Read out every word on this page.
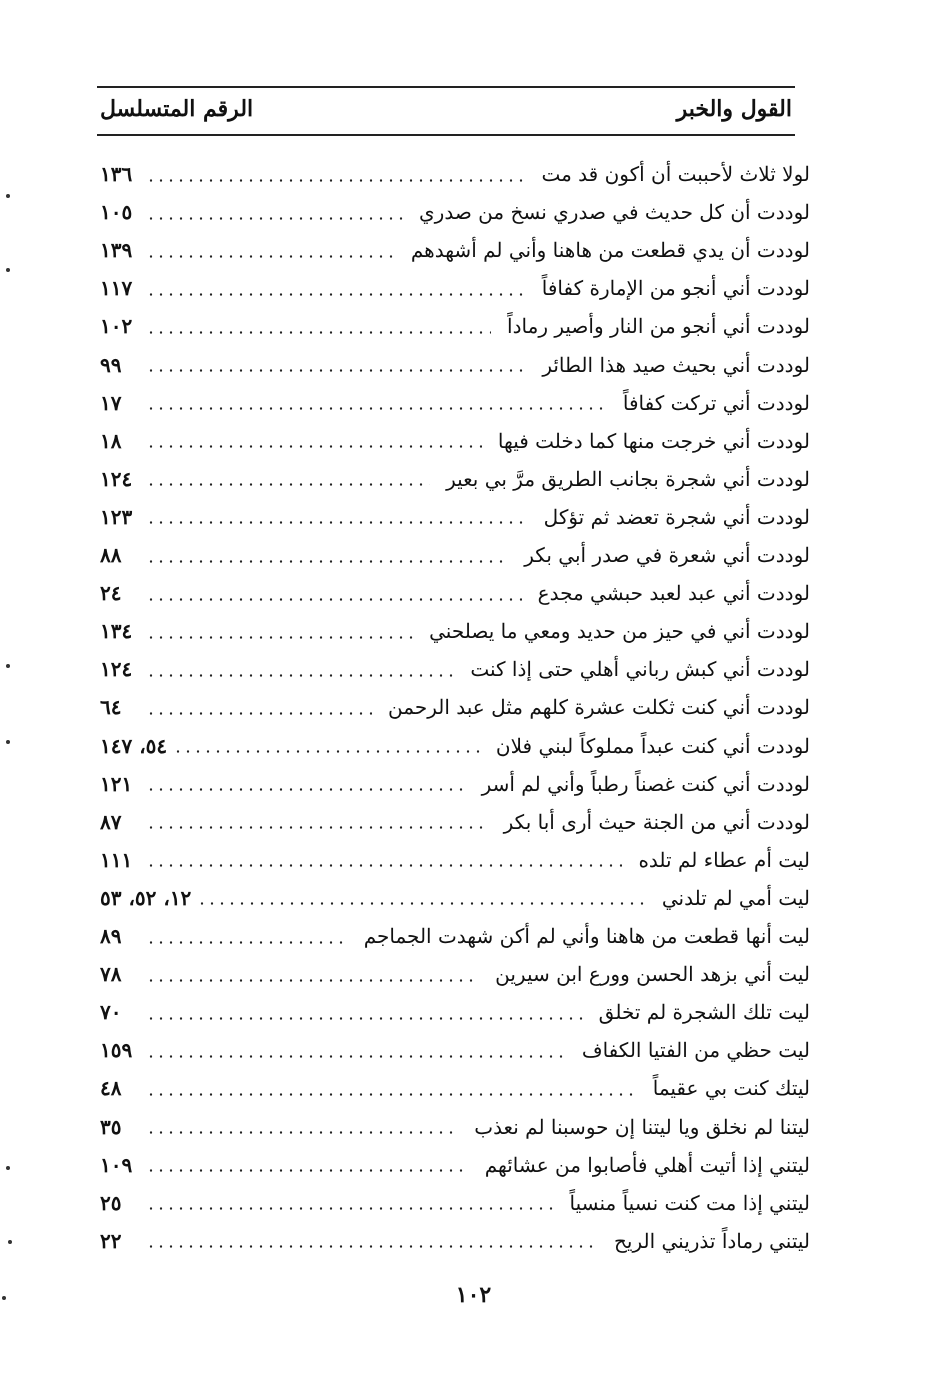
القول والخبر
الرقم المتسلسل
لولا ثلاث لأحببت أن أكون قد مت
١٣٦
لوددت أن كل حديث في صدري نسخ من صدري
١٠٥
لوددت أن يدي قطعت من هاهنا وأني لم أشهدهم
١٣٩
لوددت أني أنجو من الإمارة كفافاً
١١٧
لوددت أني أنجو من النار وأصير رماداً
١٠٢
لوددت أني بحيث صيد هذا الطائر
٩٩
لوددت أني تركت كفافاً
١٧
لوددت أني خرجت منها كما دخلت فيها
١٨
لوددت أني شجرة بجانب الطريق مرَّ بي بعير
١٢٤
لوددت أني شجرة تعضد ثم تؤكل
١٢٣
لوددت أني شعرة في صدر أبي بكر
٨٨
لوددت أني عبد لعبد حبشي مجدع
٢٤
لوددت أني في حيز من حديد ومعي ما يصلحني
١٣٤
لوددت أني كبش رباني أهلي حتى إذا كنت
١٢٤
لوددت أني كنت ثكلت عشرة كلهم مثل عبد الرحمن
٦٤
لوددت أني كنت عبداً مملوكاً لبني فلان
٥٤، ١٤٧
لوددت أني كنت غصناً رطباً وأني لم أسر
١٢١
لوددت أني من الجنة حيث أرى أبا بكر
٨٧
ليت أم عطاء لم تلده
١١١
ليت أمي لم تلدني
١٢، ٥٢، ٥٣
ليت أنها قطعت من هاهنا وأني لم أكن شهدت الجماجم
٨٩
ليت أني بزهد الحسن وورع ابن سيرين
٧٨
ليت تلك الشجرة لم تخلق
٧٠
ليت حظي من الفتيا الكفاف
١٥٩
ليتك كنت بي عقيماً
٤٨
ليتنا لم نخلق ويا ليتنا إن حوسبنا لم نعذب
٣٥
ليتني إذا أتيت أهلي فأصابوا من عشائهم
١٠٩
ليتني إذا مت كنت نسياً منسياً
٢٥
ليتني رماداً تذريني الريح
٢٢
١٠٢
